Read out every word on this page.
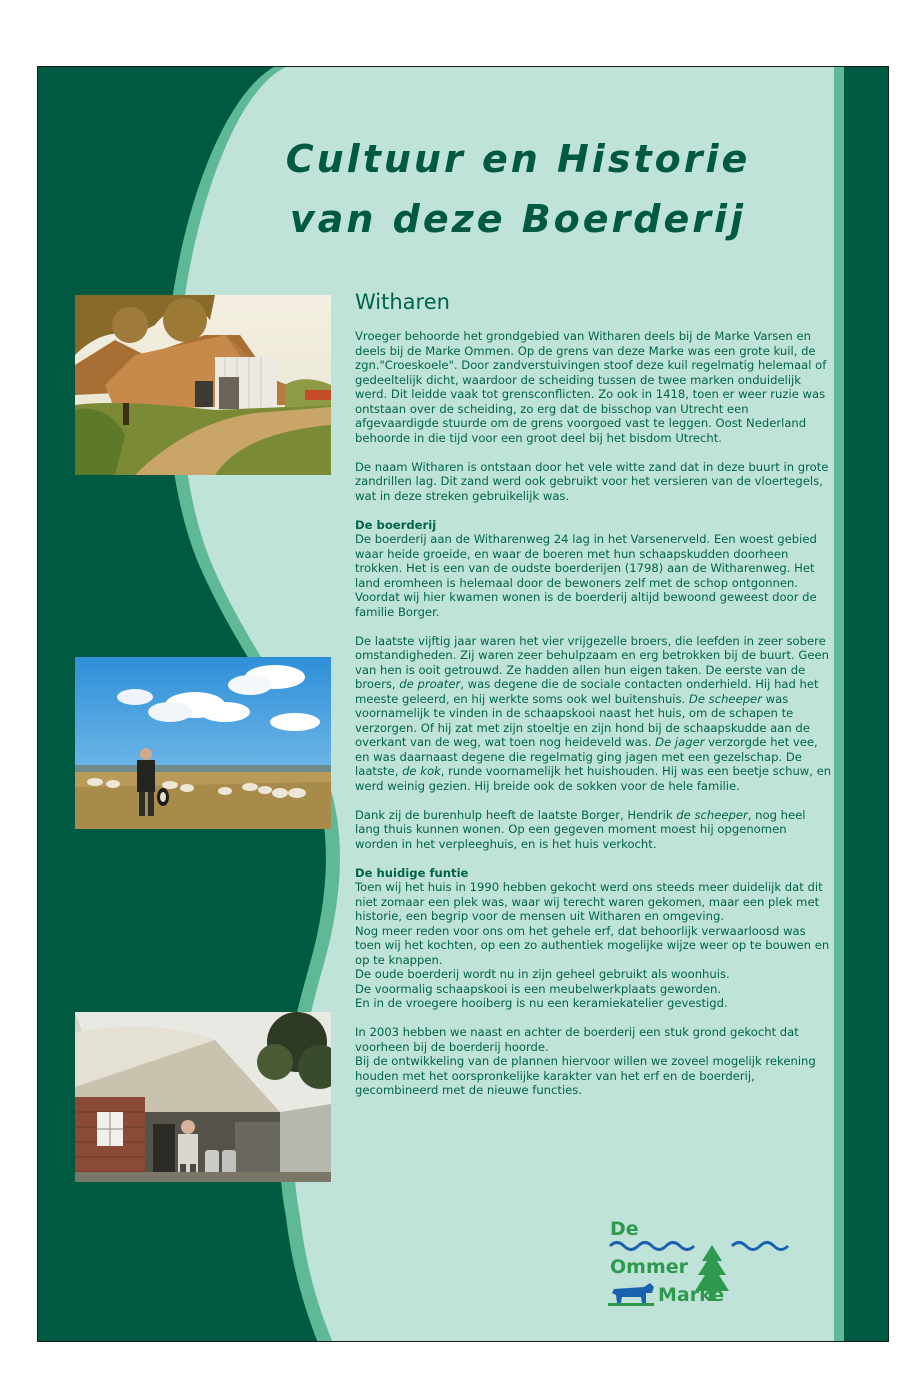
Cultuur en Historie
van deze Boerderij
Witharen

Vroeger behoorde het grondgebied van Witharen deels bij de Marke Varsen en deels bij de Marke Ommen. Op de grens van deze Marke was een grote kuil, de zgn."Croeskoele". Door zandverstuivingen stoof deze kuil regelmatig helemaal of gedeeltelijk dicht, waardoor de scheiding tussen de twee marken onduidelijk werd. Dit leidde vaak tot grensconflicten. Zo ook in 1418, toen er weer ruzie was ontstaan over de scheiding, zo erg dat de bisschop van Utrecht een afgevaardigde stuurde om de grens voorgoed vast te leggen. Oost Nederland behoorde in die tijd voor een groot deel bij het bisdom Utrecht.

De naam Witharen is ontstaan door het vele witte zand dat in deze buurt in grote zandrillen lag. Dit zand werd ook gebruikt voor het versieren van de vloertegels, wat in deze streken gebruikelijk was.

De boerderij
De boerderij aan de Witharenweg 24 lag in het Varsenerveld. Een woest gebied waar heide groeide, en waar de boeren met hun schaapskudden doorheen trokken. Het is een van de oudste boerderijen (1798) aan de Witharenweg. Het land eromheen is helemaal door de bewoners zelf met de schop ontgonnen. Voordat wij hier kwamen wonen is de boerderij altijd bewoond geweest door de familie Borger.

De laatste vijftig jaar waren het vier vrijgezelle broers, die leefden in zeer sobere omstandigheden. Zij waren zeer behulpzaam en erg betrokken bij de buurt. Geen van hen is ooit getrouwd. Ze hadden allen hun eigen taken. De eerste van de broers, de proater, was degene die de sociale contacten onderhield. Hij had het meeste geleerd, en hij werkte soms ook wel buitenshuis. De scheeper was voornamelijk te vinden in de schaapskooi naast het huis, om de schapen te verzorgen. Of hij zat met zijn stoeltje en zijn hond bij de schaapskudde aan de overkant van de weg, wat toen nog heideveld was. De jager verzorgde het vee, en was daarnaast degene die regelmatig ging jagen met een gezelschap. De laatste, de kok, runde voornamelijk het huishouden. Hij was een beetje schuw, en werd weinig gezien. Hij breide ook de sokken voor de hele familie.

Dank zij de burenhulp heeft de laatste Borger, Hendrik de scheeper, nog heel lang thuis kunnen wonen. Op een gegeven moment moest hij opgenomen worden in het verpleeghuis, en is het huis verkocht.

De huidige funtie
Toen wij het huis in 1990 hebben gekocht werd ons steeds meer duidelijk dat dit niet zomaar een plek was, waar wij terecht waren gekomen, maar een plek met historie, een begrip voor de mensen uit Witharen en omgeving.
Nog meer reden voor ons om het gehele erf, dat behoorlijk verwaarloosd was toen wij het kochten, op een zo authentiek mogelijke wijze weer op te bouwen en op te knappen.
De oude boerderij wordt nu in zijn geheel gebruikt als woonhuis.
De voormalig schaapskooi is een meubelwerkplaats geworden.
En in de vroegere hooiberg is nu een keramiekatelier gevestigd.

In 2003 hebben we naast en achter de boerderij een stuk grond gekocht dat voorheen bij de boerderij hoorde.
Bij de ontwikkeling van de plannen hiervoor willen we zoveel mogelijk rekening houden met het oorspronkelijke karakter van het erf en de boerderij, gecombineerd met de nieuwe functies.

De
Ommer
Marke
